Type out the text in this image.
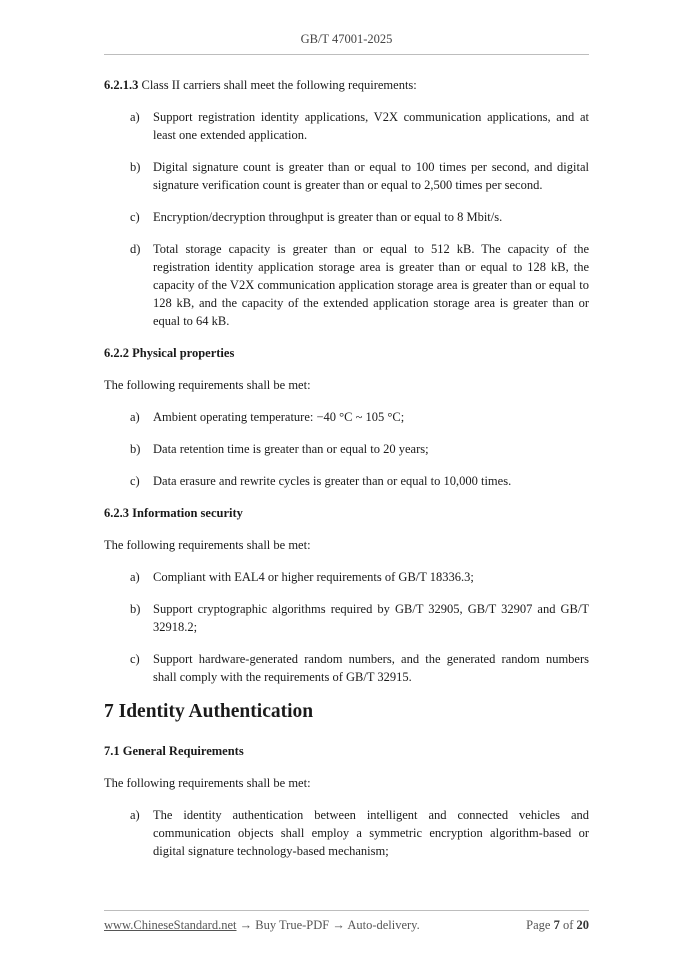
GB/T 47001-2025

6.2.1.3 Class II carriers shall meet the following requirements:

a)	Support registration identity applications, V2X communication applications, and at least one extended application.
b)	Digital signature count is greater than or equal to 100 times per second, and digital signature verification count is greater than or equal to 2,500 times per second.
c)	Encryption/decryption throughput is greater than or equal to 8 Mbit/s.
d)	Total storage capacity is greater than or equal to 512 kB. The capacity of the registration identity application storage area is greater than or equal to 128 kB, the capacity of the V2X communication application storage area is greater than or equal to 128 kB, and the capacity of the extended application storage area is greater than or equal to 64 kB.
6.2.2 Physical properties

The following requirements shall be met:

a)	Ambient operating temperature: −40 °C ~ 105 °C;
b)	Data retention time is greater than or equal to 20 years;
c)	Data erasure and rewrite cycles is greater than or equal to 10,000 times.
6.2.3 Information security

The following requirements shall be met:

a)	Compliant with EAL4 or higher requirements of GB/T 18336.3;
b)	Support cryptographic algorithms required by GB/T 32905, GB/T 32907 and GB/T 32918.2;
c)	Support hardware-generated random numbers, and the generated random numbers shall comply with the requirements of GB/T 32915.
7 Identity Authentication
7.1 General Requirements

The following requirements shall be met:

a)	The identity authentication between intelligent and connected vehicles and communication objects shall employ a symmetric encryption algorithm-based or digital signature technology-based mechanism;
www.ChineseStandard.net → Buy True-PDF → Auto-delivery.	Page 7 of 20
